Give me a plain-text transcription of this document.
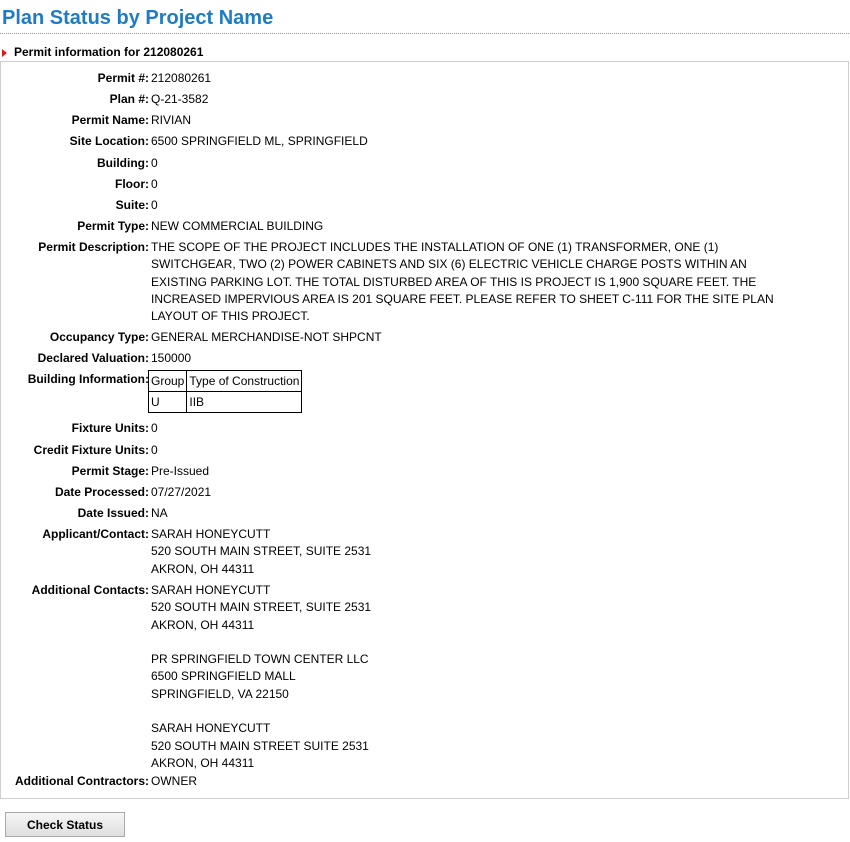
Plan Status by Project Name
Permit information for 212080261
Permit #: 212080261
Plan #: Q-21-3582
Permit Name: RIVIAN
Site Location: 6500 SPRINGFIELD ML, SPRINGFIELD
Building: 0
Floor: 0
Suite: 0
Permit Type: NEW COMMERCIAL BUILDING
Permit Description: THE SCOPE OF THE PROJECT INCLUDES THE INSTALLATION OF ONE (1) TRANSFORMER, ONE (1)
SWITCHGEAR, TWO (2) POWER CABINETS AND SIX (6) ELECTRIC VEHICLE CHARGE POSTS WITHIN AN
EXISTING PARKING LOT. THE TOTAL DISTURBED AREA OF THIS IS PROJECT IS 1,900 SQUARE FEET. THE
INCREASED IMPERVIOUS AREA IS 201 SQUARE FEET. PLEASE REFER TO SHEET C-111 FOR THE SITE PLAN
LAYOUT OF THIS PROJECT.
Occupancy Type: GENERAL MERCHANDISE-NOT SHPCNT
Declared Valuation: 150000
Building Information: Group	Type of Construction
U	IIB
Fixture Units: 0
Credit Fixture Units: 0
Permit Stage: Pre-Issued
Date Processed: 07/27/2021
Date Issued: NA
Applicant/Contact: SARAH HONEYCUTT
520 SOUTH MAIN STREET, SUITE 2531
AKRON, OH 44311
Additional Contacts: SARAH HONEYCUTT
520 SOUTH MAIN STREET, SUITE 2531
AKRON, OH 44311
PR SPRINGFIELD TOWN CENTER LLC
6500 SPRINGFIELD MALL
SPRINGFIELD, VA 22150
SARAH HONEYCUTT
520 SOUTH MAIN STREET SUITE 2531
AKRON, OH 44311
Additional Contractors: OWNER
Check Status
